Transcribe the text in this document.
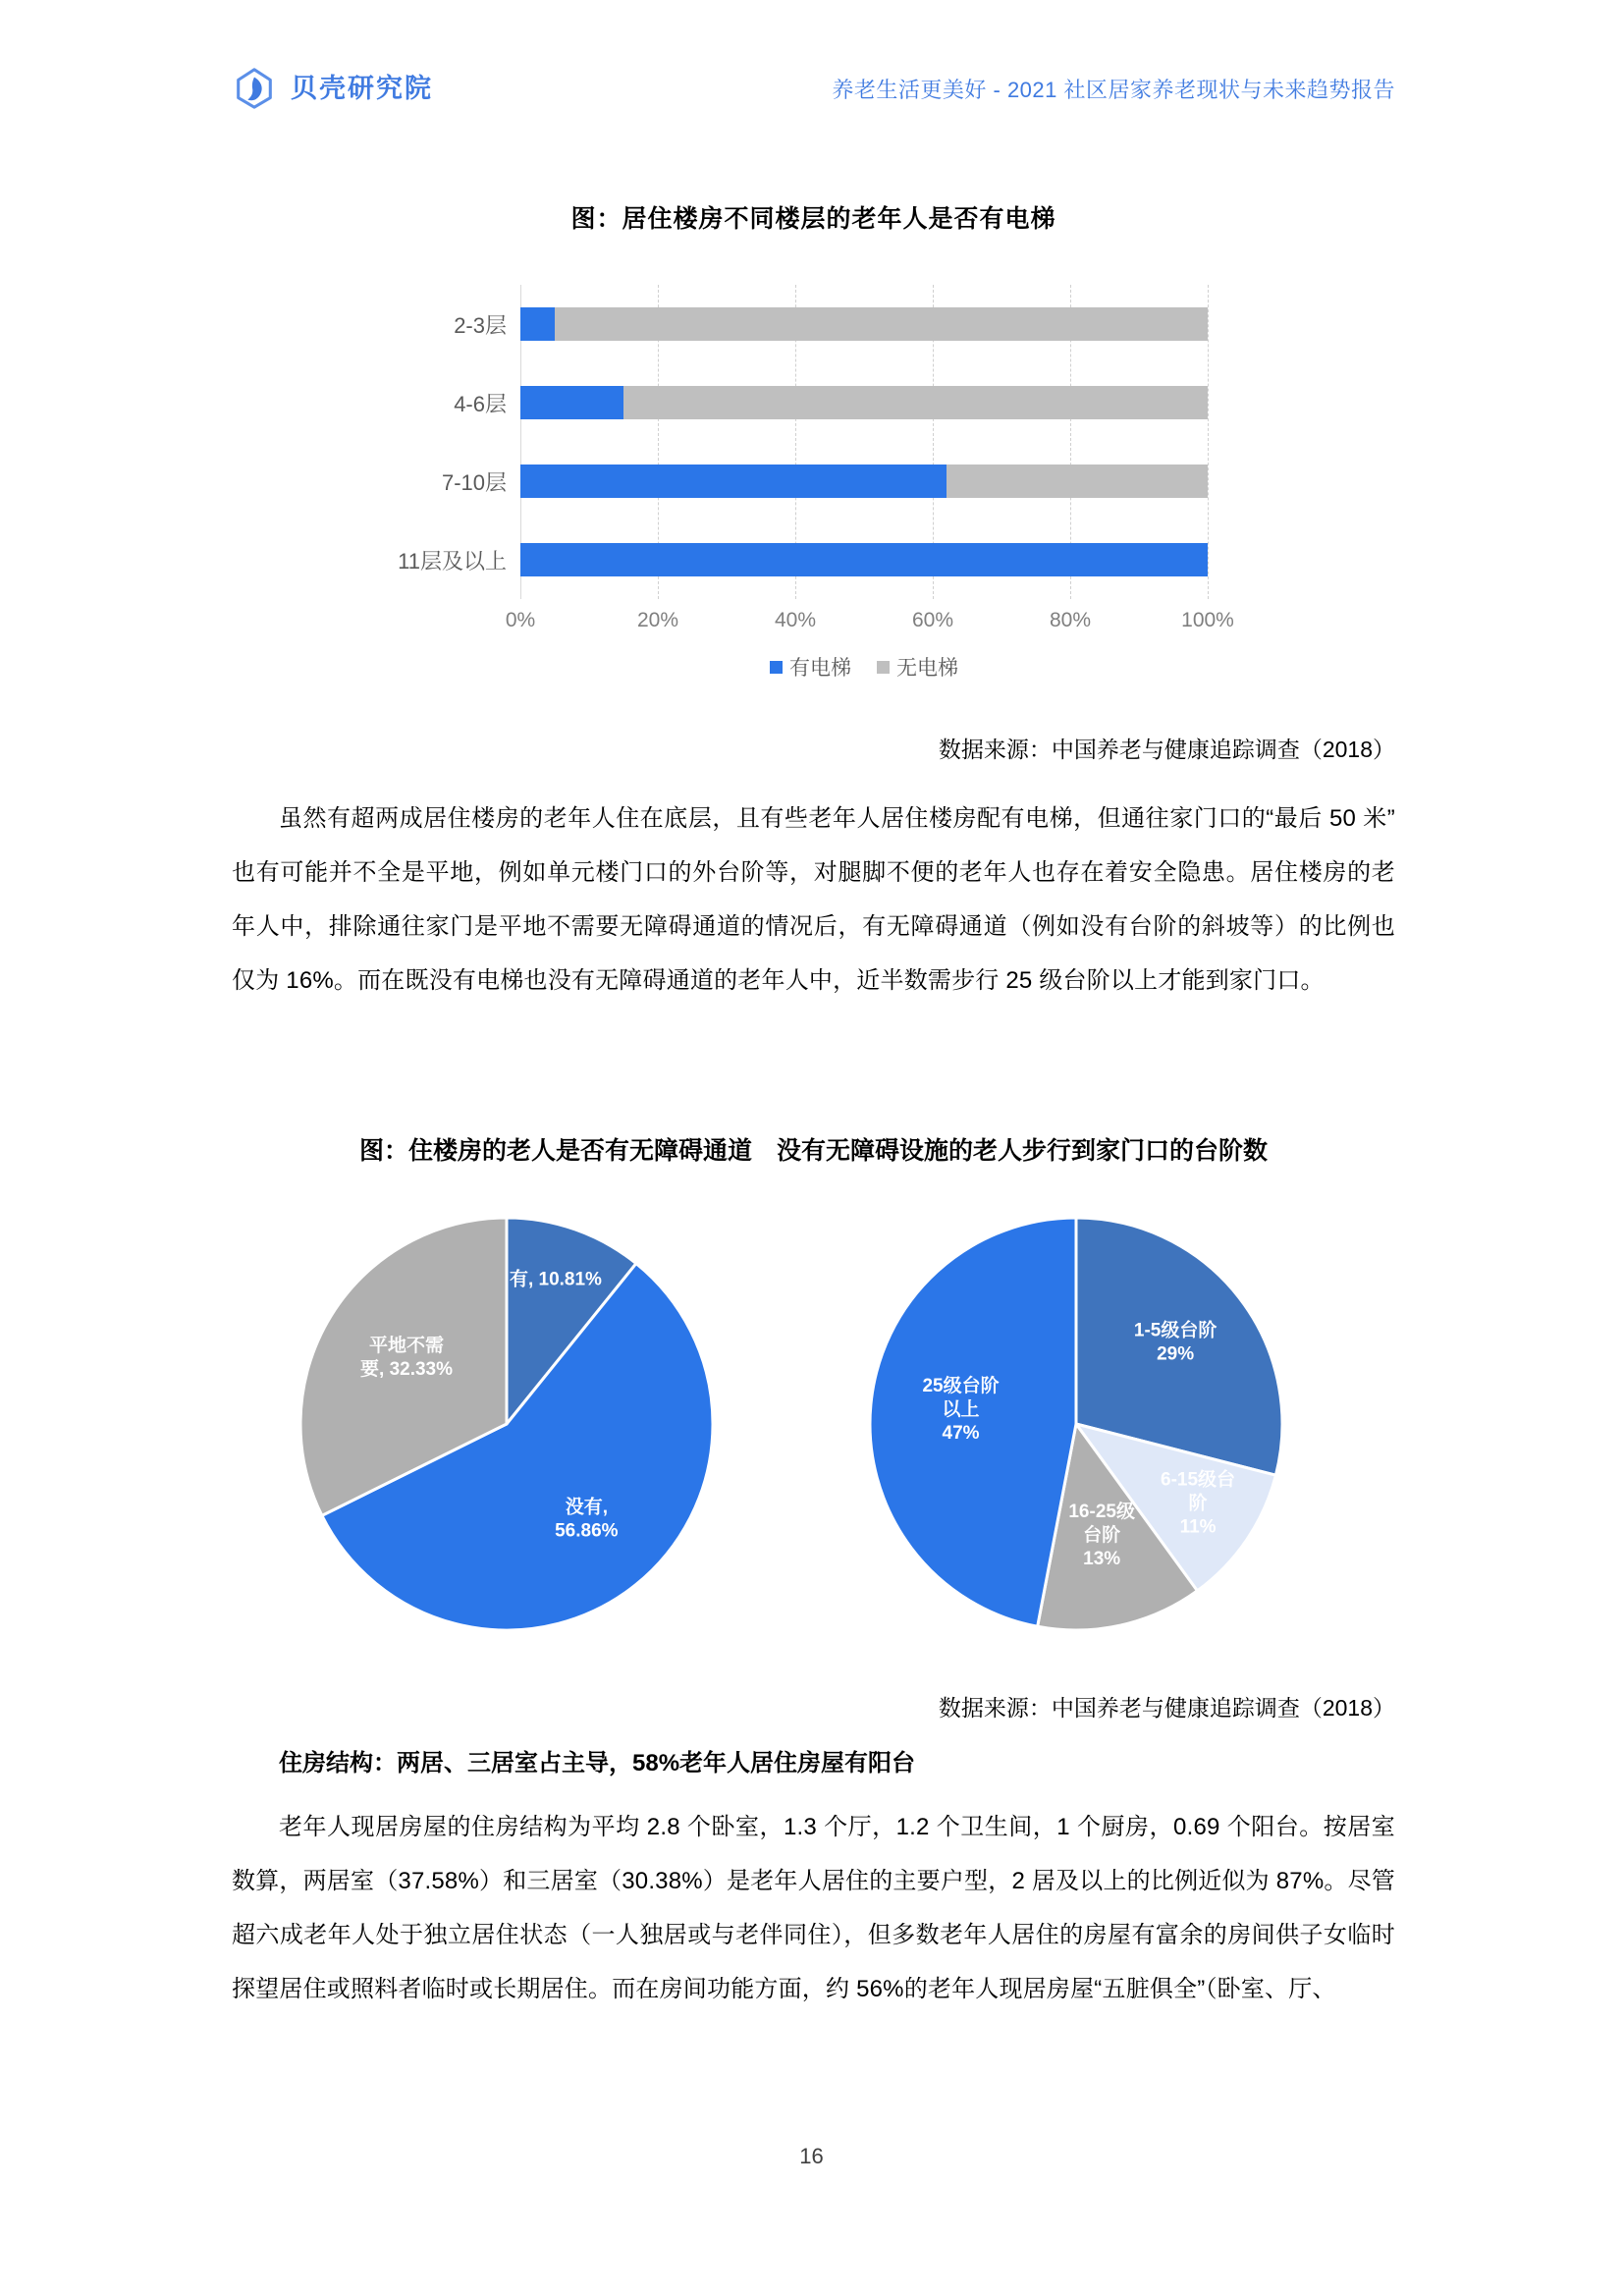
贝壳研究院	养老生活更美好 - 2021 社区居家养老现状与未来趋势报告
图：居住楼房不同楼层的老年人是否有电梯
2-3层
4-6层
7-10层
11层及以上
0%	20%	40%	60%	80%	100%
有电梯 无电梯
数据来源：中国养老与健康追踪调查（2018）
虽然有超两成居住楼房的老年人住在底层，且有些老年人居住楼房配有电梯，但通往家门口的“最后 50 米”也有可能并不全是平地，例如单元楼门口的外台阶等，对腿脚不便的老年人也存在着安全隐患。居住楼房的老年人中，排除通往家门是平地不需要无障碍通道的情况后，有无障碍通道（例如没有台阶的斜坡等）的比例也仅为 16%。而在既没有电梯也没有无障碍通道的老年人中，近半数需步行 25 级台阶以上才能到家门口。
图：住楼房的老人是否有无障碍通道　没有无障碍设施的老人步行到家门口的台阶数
有, 10.81%
没有, 56.86%
平地不需要, 32.33%
1-5级台阶 29%
6-15级台阶 11%
16-25级台阶 13%
25级台阶以上 47%
数据来源：中国养老与健康追踪调查（2018）
住房结构：两居、三居室占主导，58%老年人居住房屋有阳台
老年人现居房屋的住房结构为平均 2.8 个卧室，1.3 个厅，1.2 个卫生间，1 个厨房，0.69 个阳台。按居室数算，两居室（37.58%）和三居室（30.38%）是老年人居住的主要户型，2 居及以上的比例近似为 87%。尽管超六成老年人处于独立居住状态（一人独居或与老伴同住），但多数老年人居住的房屋有富余的房间供子女临时探望居住或照料者临时或长期居住。而在房间功能方面，约 56%的老年人现居房屋“五脏俱全”（卧室、厅、
16
